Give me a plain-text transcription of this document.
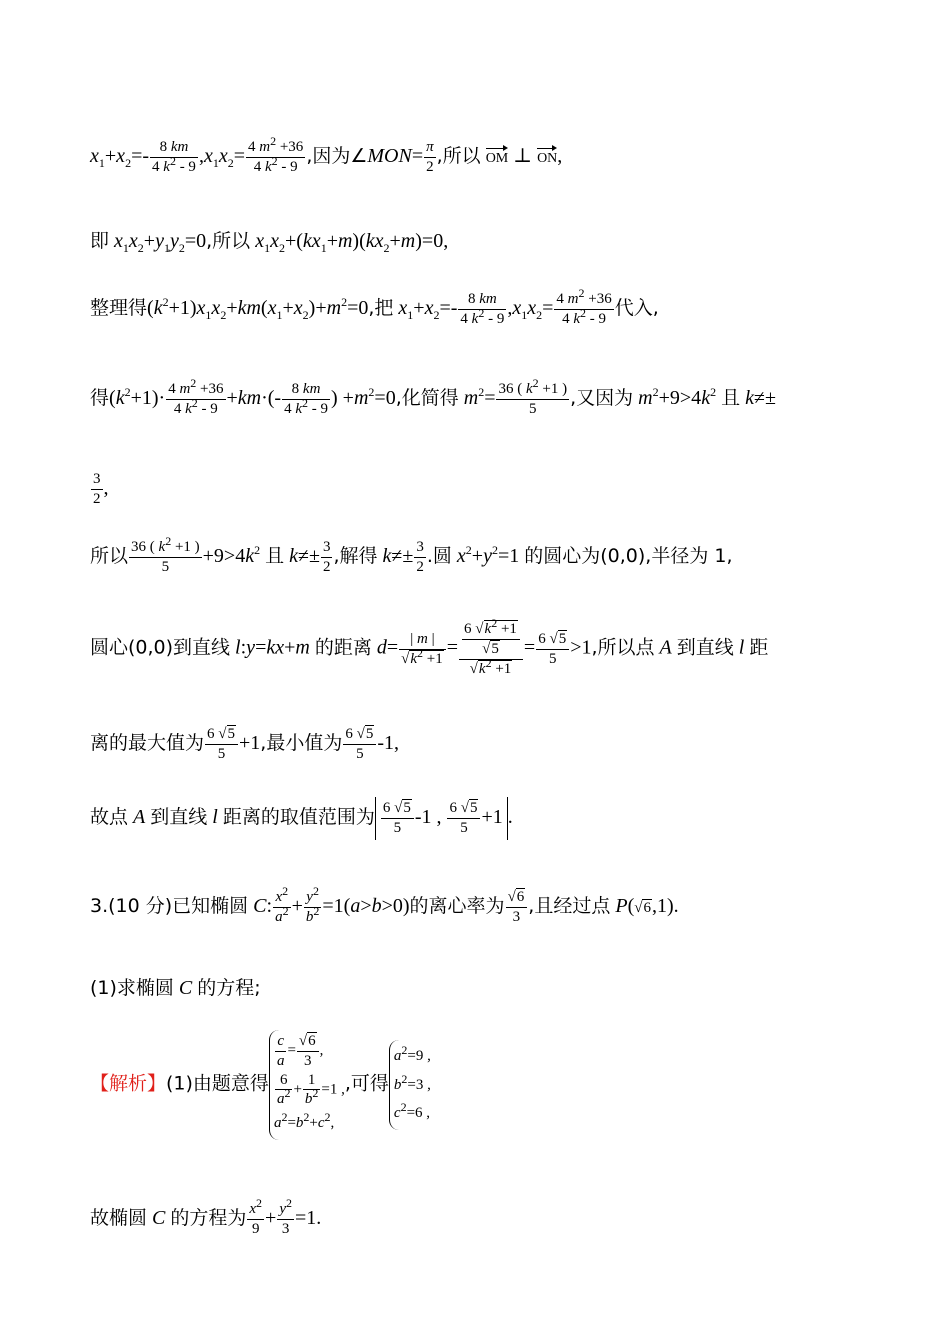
$x_1+x_2=- \frac{8 km}{4 k^2 - 9} ,x_1x_2= \frac{4 m^2 +36}{4 k^2 - 9}$ ,因为∠MON= $\frac{\pi}{2}$ ,所以 OM ⊥ ON,
即 $x_1x_2+y_1y_2=0$,所以 $x_1x_2+(kx_1+m)(kx_2+m)=0$,
整理得$(k^2+1)x_1x_2+km(x_1+x_2)+m^2=0$,把 $x_1+x_2=- \frac{8 km}{4 k^2 - 9} ,x_1x_2= \frac{4 m^2 +36}{4 k^2 - 9}$ 代入,
得$(k^2+1)\cdot \frac{4 m^2 +36}{4 k^2 - 9} +km\cdot(- \frac{8 km}{4 k^2 - 9}$ ) $+m^2=0$,化简得 $m^2= \frac{36 ( k^2 +1 )}{5}$ ,又因为 $m^2+9>4k^2$ 且 k≠±
$\frac{3}{2}$ ,
所以 $\frac{36 ( k^2 +1 )}{5} +9>4k^2$ 且 $k\ne\pm \frac{3}{2}$ ,解得 $k\ne\pm \frac{3}{2}$ .圆 $x^2+y^2=1$ 的圆心为(0,0),半径为 1,
圆心(0,0)到直线 l:y=kx+m 的距离 $d= \frac{| m |}{√k^2 +1} = \frac{\frac{6 √k^2 +1}{√5}}{√k^2 +1} = \frac{6 √5}{5} >1$,所以点 A 到直线 l 距
离的最大值为 $\frac{6 √5}{5} +1$,最小值为 $\frac{6 √5}{5} -1$,
故点 A 到直线 l 距离的取值范围为 $\frac{6 √5}{5} -1$ , $\frac{6 √5}{5} +1$ .
3.(10 分)已知椭圆 C: $\frac{x^2}{a^2} + \frac{y^2}{b^2} =1(a>b>0)$的离心率为 $\frac{√6}{3}$ ,且经过点 P(√6,1).
(1)求椭圆 C 的方程;
【解析】(1)由题意得
$\frac{c}{a} = \frac{√6}{3}$ ,
$\frac{6}{a^2} + \frac{1}{b^2} =1$ ,
$a^2=b^2+c^2$,
,可得
$a^2=9$ ,
$b^2=3$ ,
$c^2=6$ ,
故椭圆 C 的方程为 $\frac{x^2}{9} + \frac{y^2}{3} =1$.
